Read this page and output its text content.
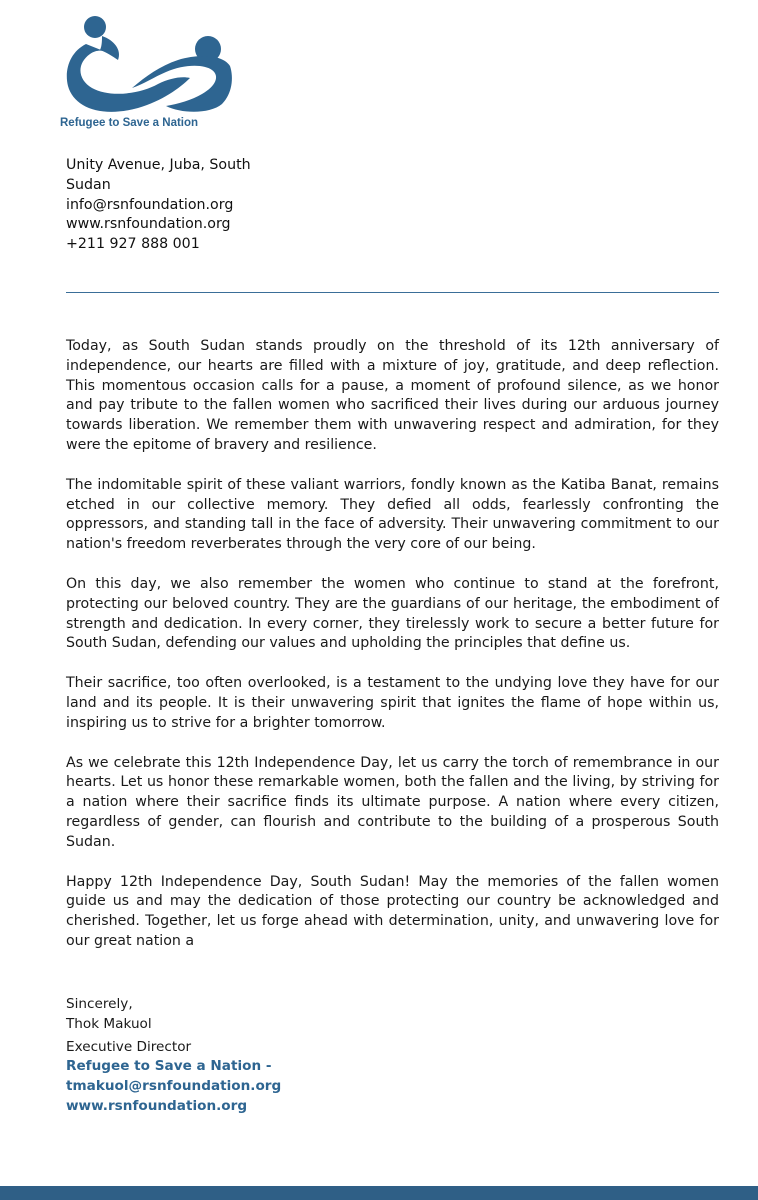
Refugee to Save a Nation
Unity Avenue, Juba, South
Sudan
info@rsnfoundation.org
www.rsnfoundation.org
+211 927 888 001

Today, as South Sudan stands proudly on the threshold of its 12th anniversary of independence, our hearts are filled with a mixture of joy, gratitude, and deep reflection. This momentous occasion calls for a pause, a moment of profound silence, as we honor and pay tribute to the fallen women who sacrificed their lives during our arduous journey towards liberation. We remember them with unwavering respect and admiration, for they were the epitome of bravery and resilience.

The indomitable spirit of these valiant warriors, fondly known as the Katiba Banat, remains etched in our collective memory. They defied all odds, fearlessly confronting the oppressors, and standing tall in the face of adversity. Their unwavering commitment to our nation's freedom reverberates through the very core of our being.

On this day, we also remember the women who continue to stand at the forefront, protecting our beloved country. They are the guardians of our heritage, the embodiment of strength and dedication. In every corner, they tirelessly work to secure a better future for South Sudan, defending our values and upholding the principles that define us.

Their sacrifice, too often overlooked, is a testament to the undying love they have for our land and its people. It is their unwavering spirit that ignites the flame of hope within us, inspiring us to strive for a brighter tomorrow.

As we celebrate this 12th Independence Day, let us carry the torch of remembrance in our hearts. Let us honor these remarkable women, both the fallen and the living, by striving for a nation where their sacrifice finds its ultimate purpose. A nation where every citizen, regardless of gender, can flourish and contribute to the building of a prosperous South Sudan.

Happy 12th Independence Day, South Sudan! May the memories of the fallen women guide us and may the dedication of those protecting our country be acknowledged and cherished. Together, let us forge ahead with determination, unity, and unwavering love for our great nation a

Sincerely,
Thok Makuol
Executive Director
Refugee to Save a Nation -
tmakuol@rsnfoundation.org
www.rsnfoundation.org
